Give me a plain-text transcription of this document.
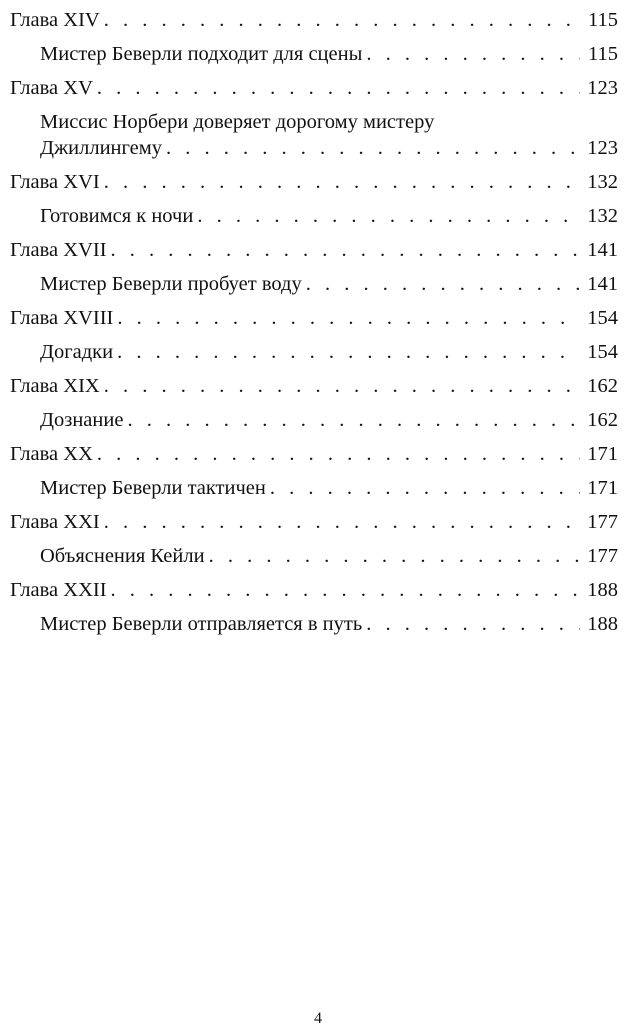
Глава XIV . . .	115
Мистер Беверли подходит для сцены . . .	115
Глава XV . . .	123
Миссис Норбери доверяет дорогому мистеру
Джиллингему . . .	123
Глава XVI . . .	132
Готовимся к ночи . . .	132
Глава XVII . . .	141
Мистер Беверли пробует воду . . .	141
Глава XVIII . . .	154
Догадки . . .	154
Глава XIX . . .	162
Дознание . . .	162
Глава XX . . .	171
Мистер Беверли тактичен . . .	171
Глава XXI . . .	177
Объяснения Кейли . . .	177
Глава XXII . . .	188
Мистер Беверли отправляется в путь . . .	188
4
